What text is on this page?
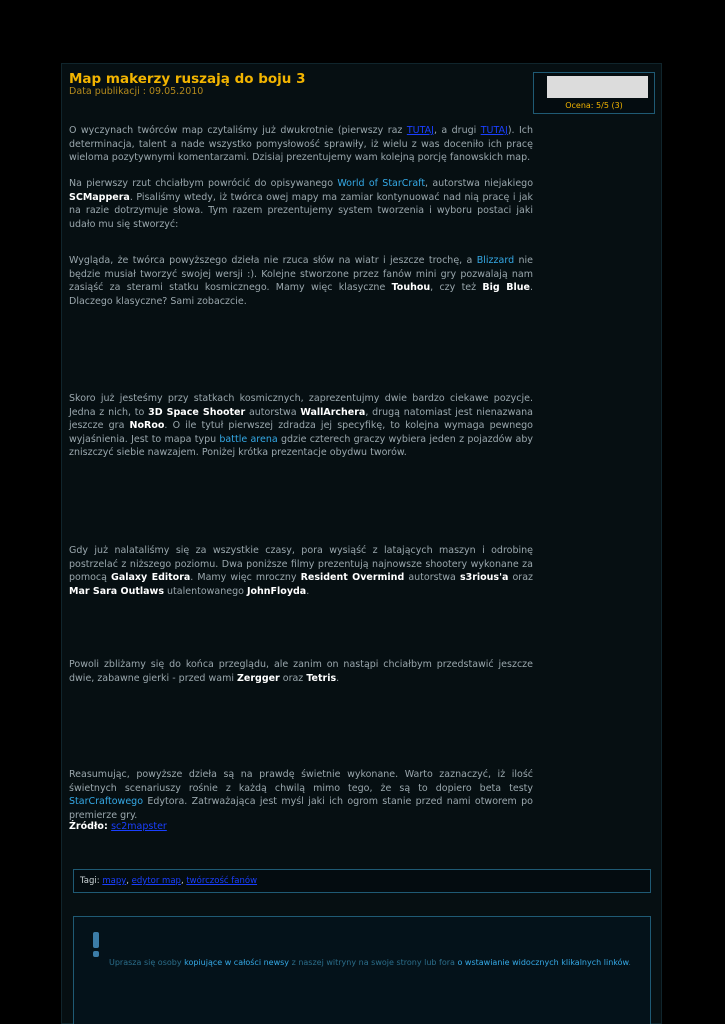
Map makerzy ruszają do boju 3
Data publikacji : 09.05.2010
Ocena: 5/5 (3)

O wyczynach twórców map czytaliśmy już dwukrotnie (pierwszy raz TUTAJ, a drugi TUTAJ). Ich determinacja, talent a nade wszystko pomysłowość sprawiły, iż wielu z was doceniło ich pracę wieloma pozytywnymi komentarzami. Dzisiaj prezentujemy wam kolejną porcję fanowskich map.

Na pierwszy rzut chciałbym powrócić do opisywanego World of StarCraft, autorstwa niejakiego SCMappera. Pisaliśmy wtedy, iż twórca owej mapy ma zamiar kontynuować nad nią pracę i jak na razie dotrzymuje słowa. Tym razem prezentujemy system tworzenia i wyboru postaci jaki udało mu się stworzyć:

Wygląda, że twórca powyższego dzieła nie rzuca słów na wiatr i jeszcze trochę, a Blizzard nie będzie musiał tworzyć swojej wersji :). Kolejne stworzone przez fanów mini gry pozwalają nam zasiąść za sterami statku kosmicznego. Mamy więc klasyczne Touhou, czy też Big Blue. Dlaczego klasyczne? Sami zobaczcie.

Skoro już jesteśmy przy statkach kosmicznych, zaprezentujmy dwie bardzo ciekawe pozycje. Jedna z nich, to 3D Space Shooter autorstwa WallArchera, drugą natomiast jest nienazwana jeszcze gra NoRoo. O ile tytuł pierwszej zdradza jej specyfikę, to kolejna wymaga pewnego wyjaśnienia. Jest to mapa typu battle arena gdzie czterech graczy wybiera jeden z pojazdów aby zniszczyć siebie nawzajem. Poniżej krótka prezentacje obydwu tworów.

Gdy już nalataliśmy się za wszystkie czasy, pora wysiąść z latających maszyn i odrobinę postrzelać z niższego poziomu. Dwa poniższe filmy prezentują najnowsze shootery wykonane za pomocą Galaxy Editora. Mamy więc mroczny Resident Overmind autorstwa s3rious'a oraz Mar Sara Outlaws utalentowanego JohnFloyda.

Powoli zbliżamy się do końca przeglądu, ale zanim on nastąpi chciałbym przedstawić jeszcze dwie, zabawne gierki - przed wami Zergger oraz Tetris.

Reasumując, powyższe dzieła są na prawdę świetnie wykonane. Warto zaznaczyć, iż ilość świetnych scenariuszy rośnie z każdą chwilą mimo tego, że są to dopiero beta testy StarCraftowego Edytora. Zatrważająca jest myśl jaki ich ogrom stanie przed nami otworem po premierze gry.

Źródło: sc2mapster

Tagi: mapy, edytor map, twórczość fanów
Uprasza się osoby kopiujące w całości newsy z naszej witryny na swoje strony lub fora o wstawianie widocznych klikalnych linków.
